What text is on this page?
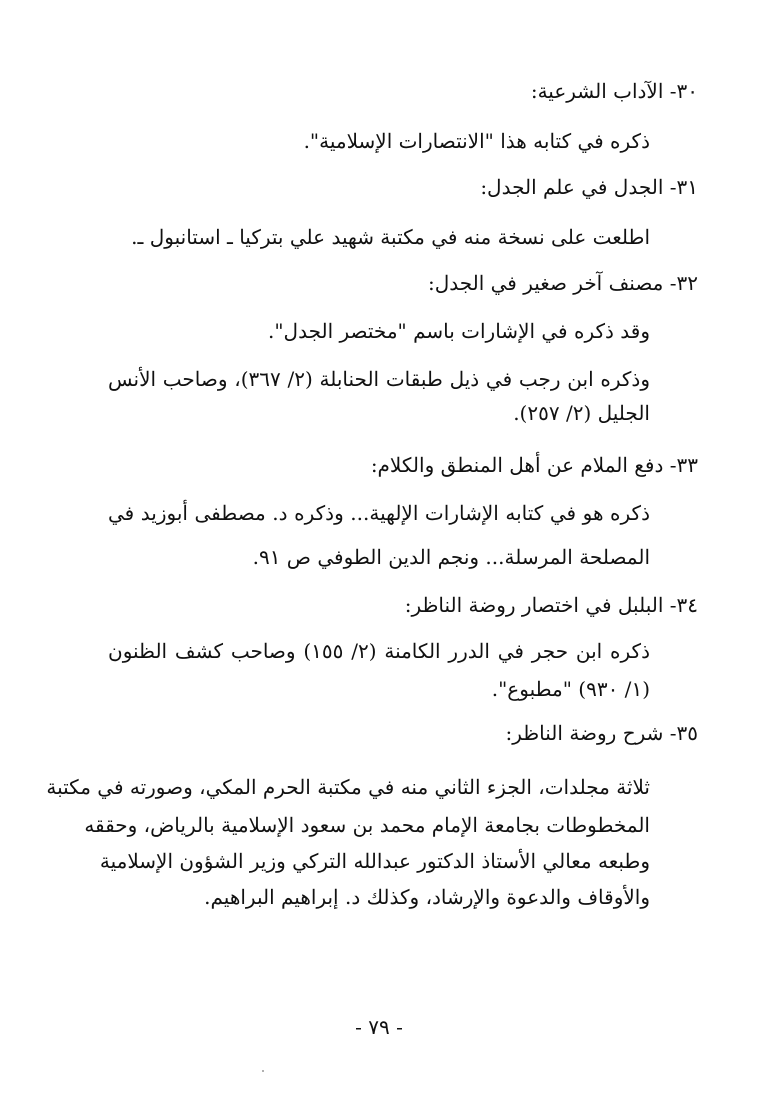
٣٠- الآداب الشرعية:
ذكره في كتابه هذا "الانتصارات الإسلامية".
٣١- الجدل في علم الجدل:
اطلعت على نسخة منه في مكتبة شهيد علي بتركيا ـ استانبول ـ.
٣٢- مصنف آخر صغير في الجدل:
وقد ذكره في الإشارات باسم "مختصر الجدل".
وذكره ابن رجب في ذيل طبقات الحنابلة (٢/ ٣٦٧)، وصاحب الأنس
الجليل (٢/ ٢٥٧).
٣٣- دفع الملام عن أهل المنطق والكلام:
ذكره هو في كتابه الإشارات الإلهية... وذكره د. مصطفى أبوزيد في
المصلحة المرسلة... ونجم الدين الطوفي ص ٩١.
٣٤- البلبل في اختصار روضة الناظر:
ذكره ابن حجر في الدرر الكامنة (٢/ ١٥٥) وصاحب كشف الظنون
(١/ ٩٣٠) "مطبوع".
٣٥- شرح روضة الناظر:
ثلاثة مجلدات، الجزء الثاني منه في مكتبة الحرم المكي، وصورته في مكتبة
المخطوطات بجامعة الإمام محمد بن سعود الإسلامية بالرياض، وحققه
وطبعه معالي الأستاذ الدكتور عبدالله التركي وزير الشؤون الإسلامية
والأوقاف والدعوة والإرشاد، وكذلك د. إبراهيم البراهيم.
- ٧٩ -
